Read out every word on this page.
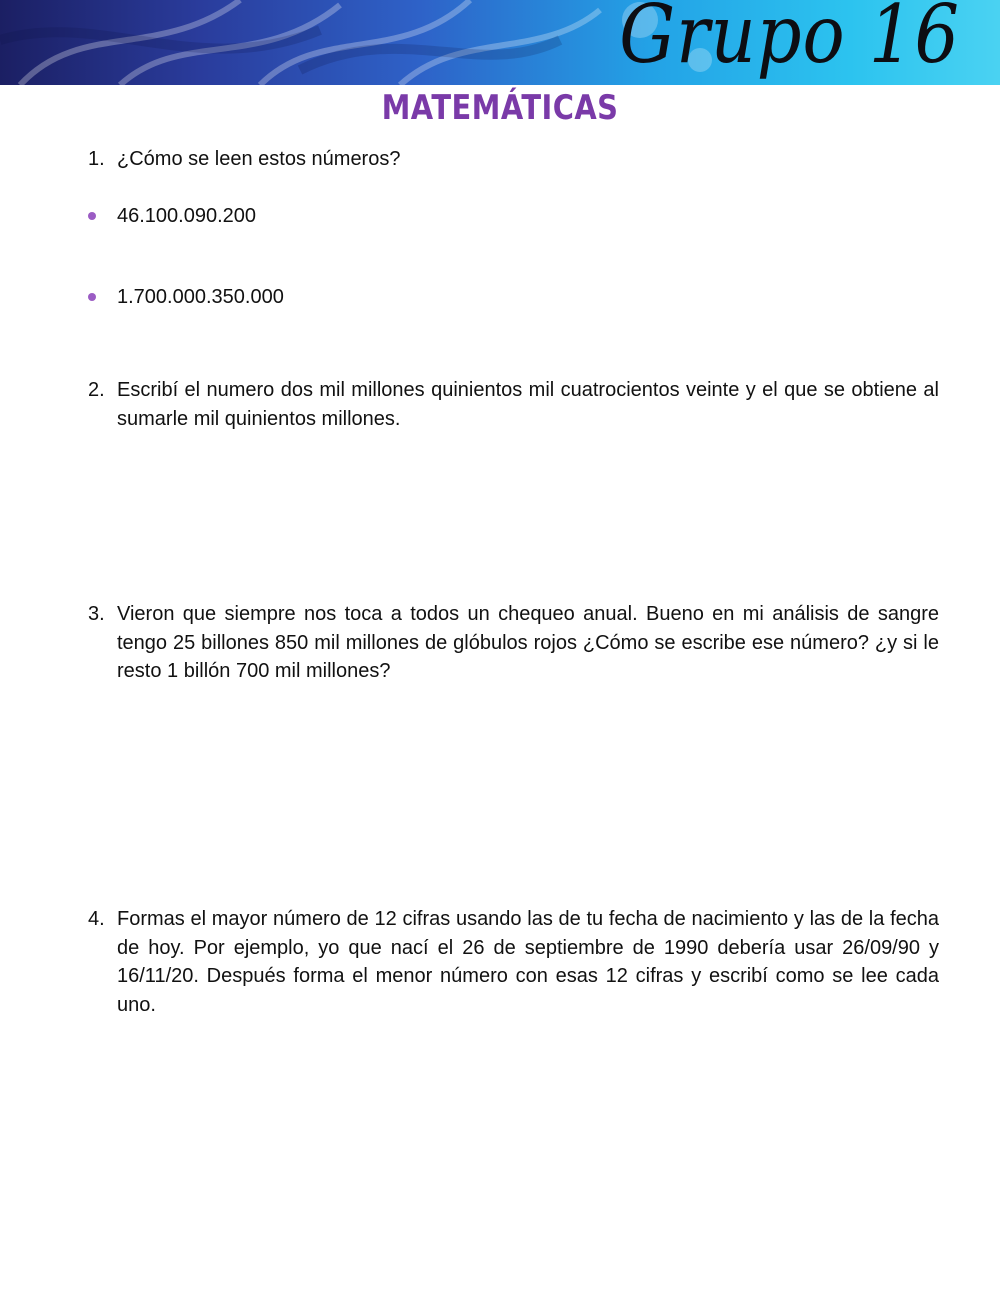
Grupo 16
MATEMÁTICAS
1. ¿Cómo se leen estos números?
46.100.090.200
1.700.000.350.000
2. Escribí el numero dos mil millones quinientos mil cuatrocientos veinte y el que se obtiene al sumarle mil quinientos millones.
3. Vieron que siempre nos toca a todos un chequeo anual. Bueno en mi análisis de sangre tengo 25 billones 850 mil millones de glóbulos rojos ¿Cómo se escribe ese número? ¿y si le resto 1 billón 700 mil millones?
4. Formas el mayor número de 12 cifras usando las de tu fecha de nacimiento y las de la fecha de hoy. Por ejemplo, yo que nací el 26 de septiembre de 1990 debería usar 26/09/90 y 16/11/20. Después forma el menor número con esas 12 cifras y escribí como se lee cada uno.
